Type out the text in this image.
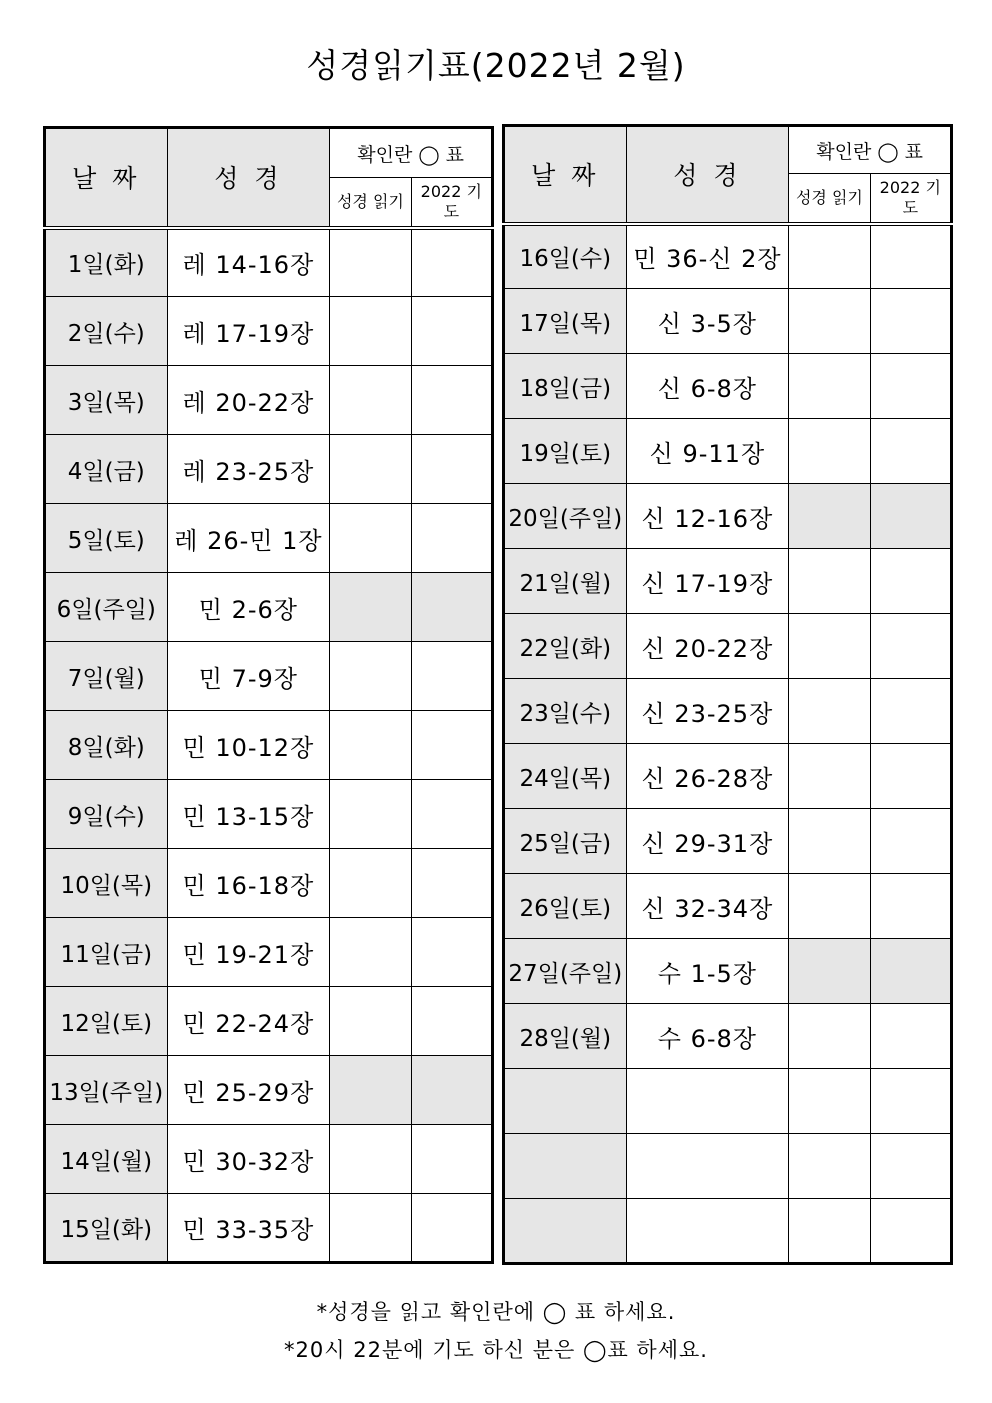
성경읽기표(2022년 2월)
날 짜	성 경	확인란 ◯ 표	
		성경 읽기	2022 기 도
1일(화)	레 14-16장		
2일(수)	레 17-19장		
3일(목)	레 20-22장		
4일(금)	레 23-25장		
5일(토)	레 26-민 1장		
6일(주일)	민 2-6장		
7일(월)	민 7-9장		
8일(화)	민 10-12장		
9일(수)	민 13-15장		
10일(목)	민 16-18장		
11일(금)	민 19-21장		
12일(토)	민 22-24장		
13일(주일)	민 25-29장		
14일(월)	민 30-32장		
15일(화)	민 33-35장		
날 짜	성 경	확인란 ◯ 표	
		성경 읽기	2022 기 도
16일(수)	민 36-신 2장		
17일(목)	신 3-5장		
18일(금)	신 6-8장		
19일(토)	신 9-11장		
20일(주일)	신 12-16장		
21일(월)	신 17-19장		
22일(화)	신 20-22장		
23일(수)	신 23-25장		
24일(목)	신 26-28장		
25일(금)	신 29-31장		
26일(토)	신 32-34장		
27일(주일)	수 1-5장		
28일(월)	수 6-8장		

*성경을 읽고 확인란에 ◯ 표 하세요.
*20시 22분에 기도 하신 분은 ◯표 하세요.
